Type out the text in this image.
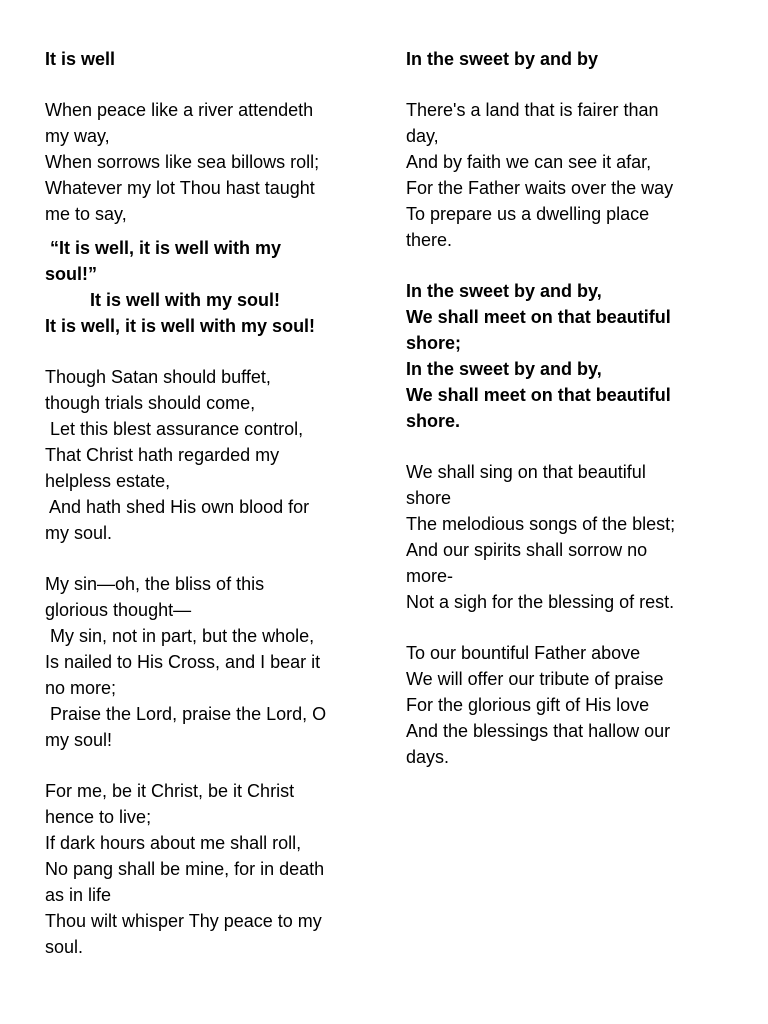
It is well
When peace like a river attendeth
my way,
When sorrows like sea billows roll;
Whatever my lot Thou hast taught
me to say,
“It is well, it is well with my
soul!”
It is well with my soul!
It is well, it is well with my soul!
Though Satan should buffet,
though trials should come,
Let this blest assurance control,
That Christ hath regarded my
helpless estate,
And hath shed His own blood for
my soul.
My sin—oh, the bliss of this
glorious thought—
My sin, not in part, but the whole,
Is nailed to His Cross, and I bear it
no more;
Praise the Lord, praise the Lord, O
my soul!
For me, be it Christ, be it Christ
hence to live;
If dark hours about me shall roll,
No pang shall be mine, for in death
as in life
Thou wilt whisper Thy peace to my
soul.
In the sweet by and by
There's a land that is fairer than
day,
And by faith we can see it afar,
For the Father waits over the way
To prepare us a dwelling place
there.
In the sweet by and by,
We shall meet on that beautiful
shore;
In the sweet by and by,
We shall meet on that beautiful
shore.
We shall sing on that beautiful
shore
The melodious songs of the blest;
And our spirits shall sorrow no
more-
Not a sigh for the blessing of rest.
To our bountiful Father above
We will offer our tribute of praise
For the glorious gift of His love
And the blessings that hallow our
days.
